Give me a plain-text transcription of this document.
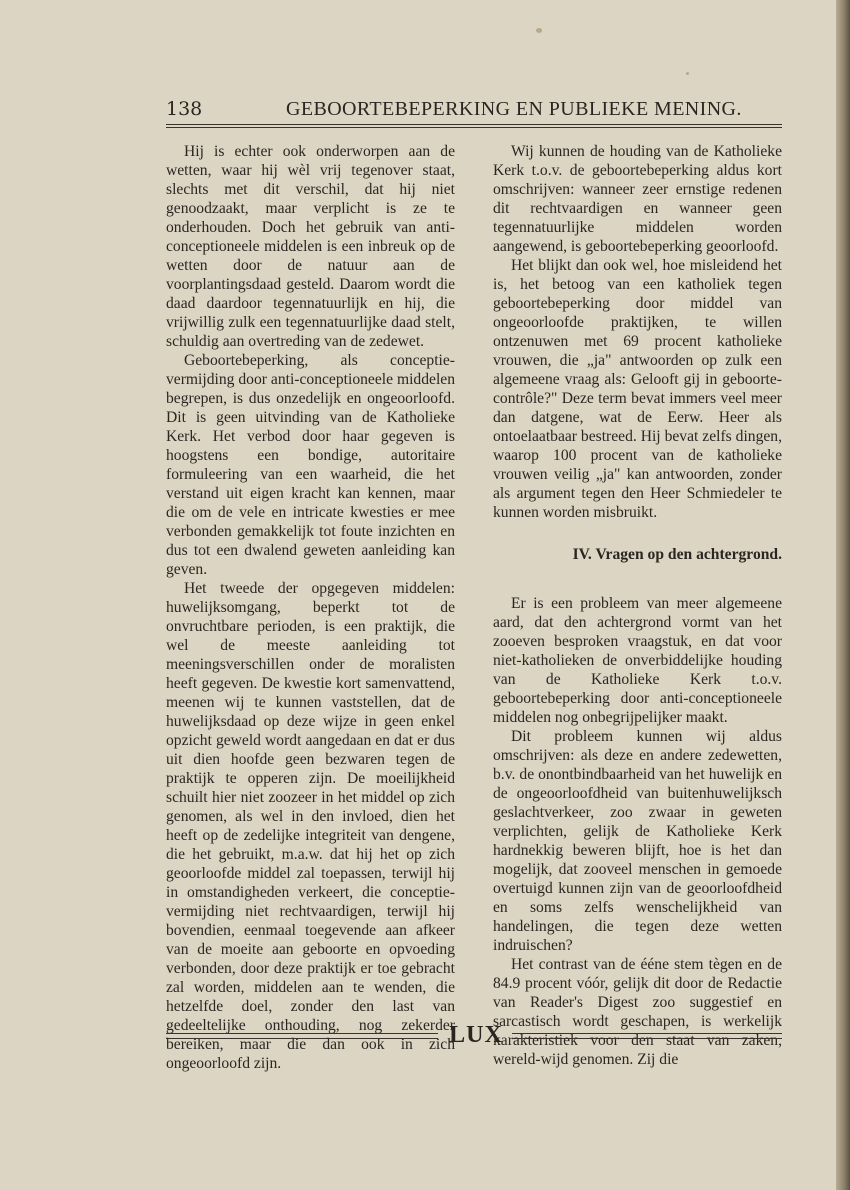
138	GEBOORTEBEPERKING EN PUBLIEKE MENING.

Hij is echter ook onderworpen aan de wetten, waar hij wèl vrij tegenover staat, slechts met dit verschil, dat hij niet genoodzaakt, maar verplicht is ze te onderhouden. Doch het gebruik van anti-conceptioneele middelen is een inbreuk op de wetten door de natuur aan de voorplantingsdaad gesteld. Daarom wordt die daad daardoor tegennatuurlijk en hij, die vrijwillig zulk een tegennatuurlijke daad stelt, schuldig aan overtreding van de zedewet.

Geboortebeperking, als conceptie-vermijding door anti-conceptioneele middelen begrepen, is dus onzedelijk en ongeoorloofd. Dit is geen uitvinding van de Katholieke Kerk. Het verbod door haar gegeven is hoogstens een bondige, autoritaire formuleering van een waarheid, die het verstand uit eigen kracht kan kennen, maar die om de vele en intricate kwesties er mee verbonden gemakkelijk tot foute inzichten en dus tot een dwalend geweten aanleiding kan geven.

Het tweede der opgegeven middelen: huwelijksomgang, beperkt tot de onvruchtbare perioden, is een praktijk, die wel de meeste aanleiding tot meeningsverschillen onder de moralisten heeft gegeven. De kwestie kort samenvattend, meenen wij te kunnen vaststellen, dat de huwelijksdaad op deze wijze in geen enkel opzicht geweld wordt aangedaan en dat er dus uit dien hoofde geen bezwaren tegen de praktijk te opperen zijn. De moeilijkheid schuilt hier niet zoozeer in het middel op zich genomen, als wel in den invloed, dien het heeft op de zedelijke integriteit van dengene, die het gebruikt, m.a.w. dat hij het op zich geoorloofde middel zal toepassen, terwijl hij in omstandigheden verkeert, die conceptie-vermijding niet rechtvaardigen, terwijl hij bovendien, eenmaal toegevende aan afkeer van de moeite aan geboorte en opvoeding verbonden, door deze praktijk er toe gebracht zal worden, middelen aan te wenden, die hetzelfde doel, zonder den last van gedeeltelijke onthouding, nog zekerder bereiken, maar die dan ook in zich ongeoorloofd zijn.

Wij kunnen de houding van de Katholieke Kerk t.o.v. de geboortebeperking aldus kort omschrijven: wanneer zeer ernstige redenen dit rechtvaardigen en wanneer geen tegennatuurlijke middelen worden aangewend, is geboortebeperking geoorloofd.

Het blijkt dan ook wel, hoe misleidend het is, het betoog van een katholiek tegen geboortebeperking door middel van ongeoorloofde praktijken, te willen ontzenuwen met 69 procent katholieke vrouwen, die „ja" antwoorden op zulk een algemeene vraag als: Gelooft gij in geboorte-contrôle?" Deze term bevat immers veel meer dan datgene, wat de Eerw. Heer als ontoelaatbaar bestreed. Hij bevat zelfs dingen, waarop 100 procent van de katholieke vrouwen veilig „ja" kan antwoorden, zonder als argument tegen den Heer Schmiedeler te kunnen worden misbruikt.

IV. Vragen op den achtergrond.

Er is een probleem van meer algemeene aard, dat den achtergrond vormt van het zooeven besproken vraagstuk, en dat voor niet-katholieken de onverbiddelijke houding van de Katholieke Kerk t.o.v. geboortebeperking door anti-conceptioneele middelen nog onbegrijpelijker maakt.

Dit probleem kunnen wij aldus omschrijven: als deze en andere zedewetten, b.v. de onontbindbaarheid van het huwelijk en de ongeoorloofdheid van buitenhuwelijksch geslachtverkeer, zoo zwaar in geweten verplichten, gelijk de Katholieke Kerk hardnekkig beweren blijft, hoe is het dan mogelijk, dat zooveel menschen in gemoede overtuigd kunnen zijn van de geoorloofdheid en soms zelfs wenschelijkheid van handelingen, die tegen deze wetten indruischen?

Het contrast van de ééne stem tègen en de 84.9 procent vóór, gelijk dit door de Redactie van Reader's Digest zoo suggestief en sarcastisch wordt geschapen, is werkelijk karakteristiek voor den staat van zaken, wereld-wijd genomen. Zij die

LUX
